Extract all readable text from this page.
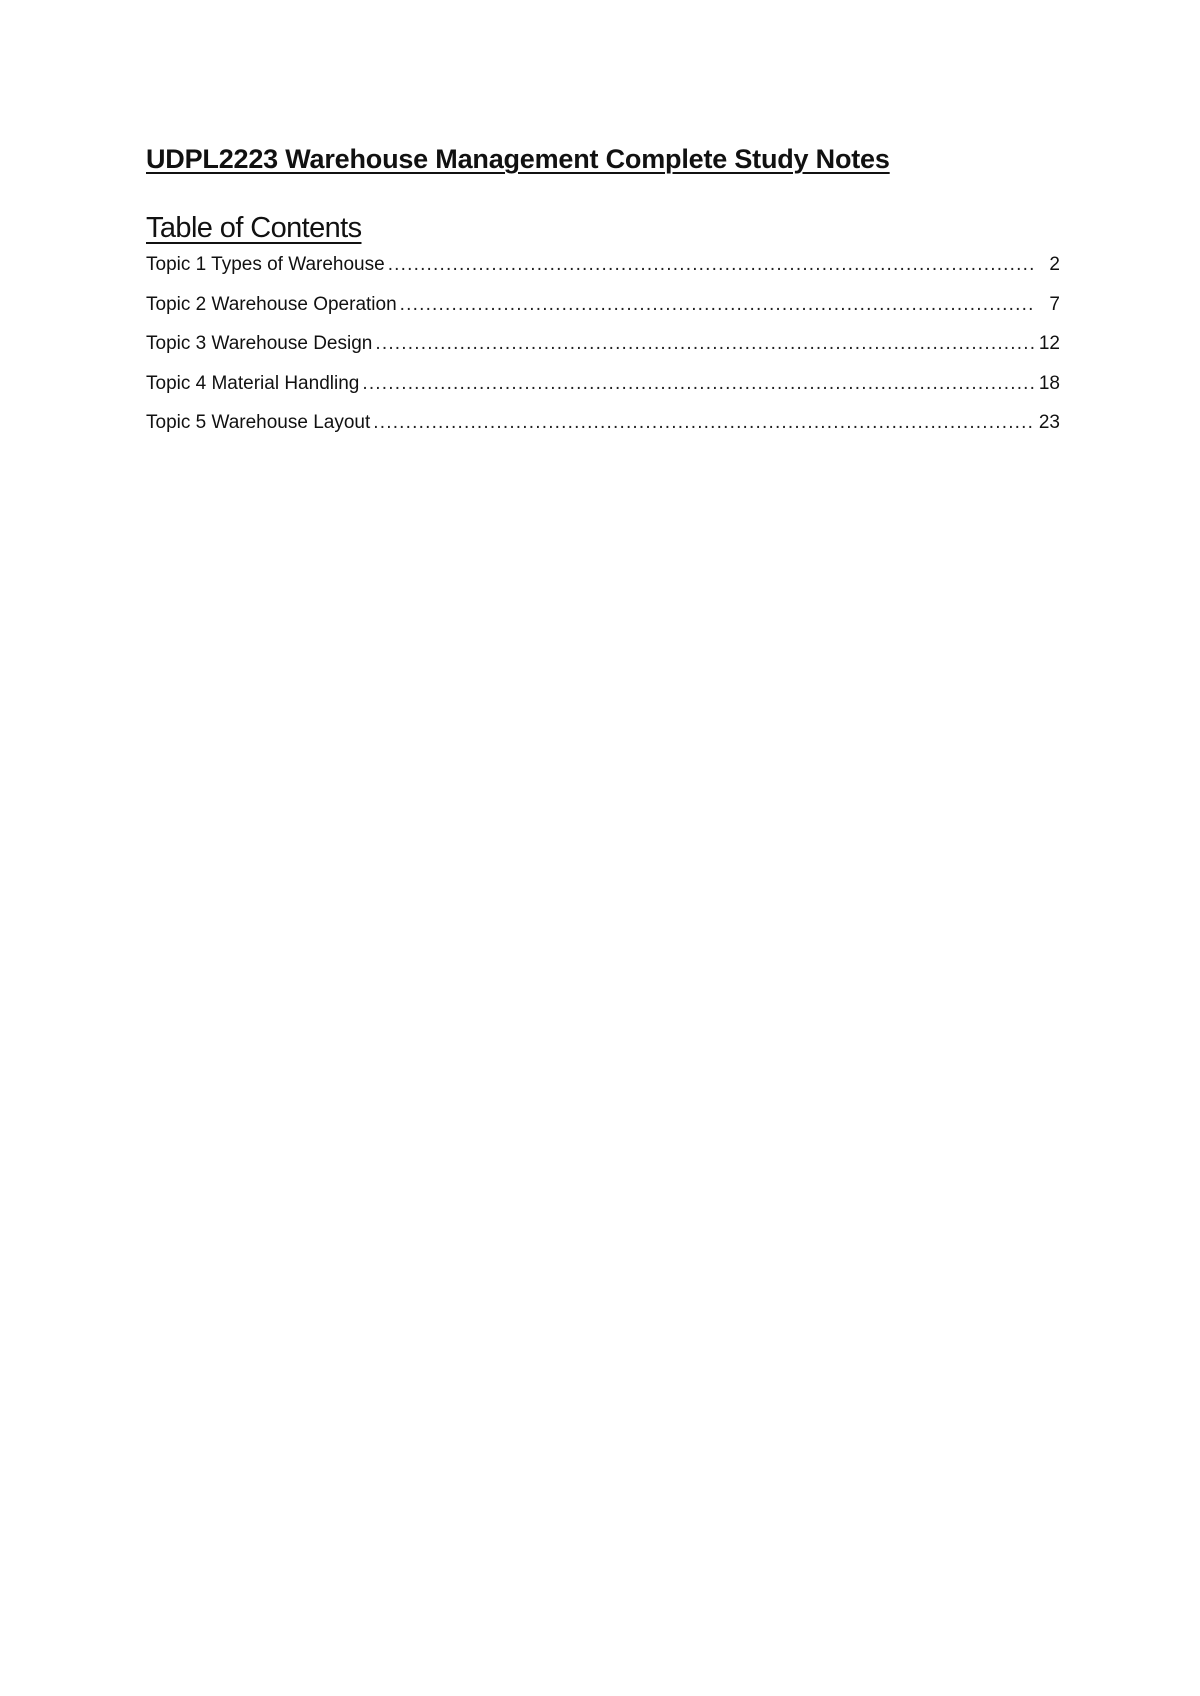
UDPL2223 Warehouse Management Complete Study Notes
Table of Contents
Topic 1 Types of Warehouse .....	2
Topic 2 Warehouse Operation .....	7
Topic 3 Warehouse Design .....	12
Topic 4 Material Handling .....	18
Topic 5 Warehouse Layout .....	23
